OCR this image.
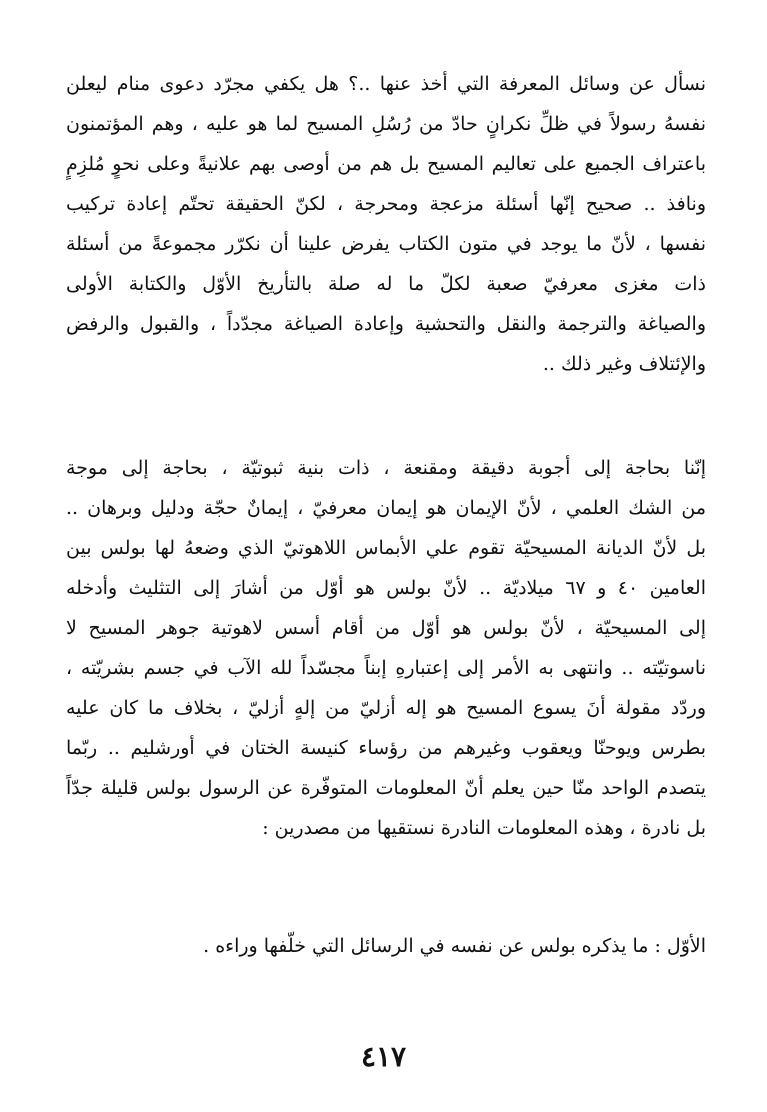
نسأل عن وسائل المعرفة التي أخذ عنها ..؟ هل يكفي مجرّد دعوى منام ليعلن
نفسهُ رسولاً في ظلِّ نكرانٍ حادّ من رُسُلِ المسيح لما هو عليه ، وهم المؤتمنون
باعتراف الجميع على تعاليم المسيح بل هم من أوصى بهم علانيةً وعلى نحوٍ مُلزِمٍ
ونافذ .. صحيح إنّها أسئلة مزعجة ومحرجة ، لكنّ الحقيقة تحتّم إعادة تركيب
نفسها ، لأنّ ما يوجد في متون الكتاب يفرض علينا أن نكرّر مجموعةً من أسئلة
ذات مغزى معرفيّ صعبة لكلّ ما له صلة بالتأريخ الأوّل والكتابة الأولى
والصياغة والترجمة والنقل والتحشية وإعادة الصياغة مجدّداً ، والقبول والرفض
والإئتلاف وغير ذلك ..
إنّنا بحاجة إلى أجوبة دقيقة ومقنعة ، ذات بنية ثبوتيّة ، بحاجة إلى موجة
من الشك العلمي ، لأنّ الإيمان هو إيمان معرفيّ ، إيمانٌ حجّة ودليل وبرهان ..
بل لأنّ الديانة المسيحيّة تقوم علي الأبماس اللاهوتيّ الذي وضعهُ لها بولس بين
العامين ٤٠ و ٦٧ ميلاديّة .. لأنّ بولس هو أوّل من أشارَ إلى التثليث وأدخله
إلى المسيحيّة ، لأنّ بولس هو أوّل من أقام أسس لاهوتية جوهر المسيح لا
ناسوتيّته .. وانتهى به الأمر إلى إعتبارهِ إبناً مجسّداً لله الآب في جسم بشريّته ،
وردّد مقولة أنَ يسوع المسيح هو إله أزليّ من إلهٍ أزليّ ، بخلاف ما كان عليه
بطرس ويوحنّا ويعقوب وغيرهم من رؤساء كنيسة الختان في أورشليم .. ربّما
يتصدم الواحد منّا حين يعلم أنّ المعلومات المتوفّرة عن الرسول بولس قليلة جدّاً
بل نادرة ، وهذه المعلومات النادرة نستقيها من مصدرين :
الأوّل : ما يذكره بولس عن نفسه في الرسائل التي خلّفها وراءه .
٤١٧
